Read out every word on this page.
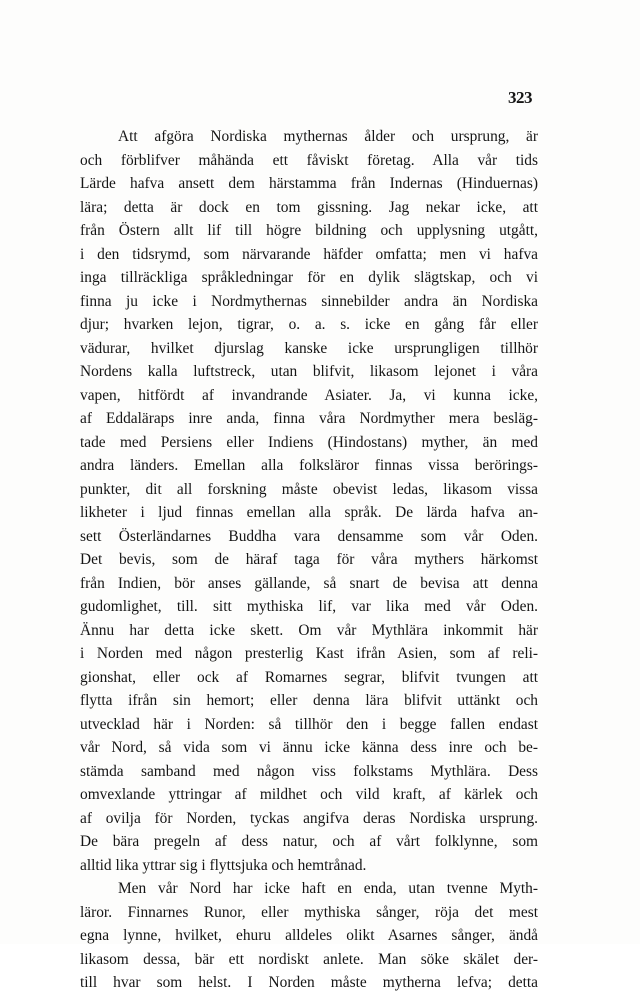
323
Att afgöra Nordiska mythernas ålder och ursprung, är
och förblifver måhända ett fåviskt företag. Alla vår tids
Lärde hafva ansett dem härstamma från Indernas (Hinduernas)
lära; detta är dock en tom gissning. Jag nekar icke, att
från Östern allt lif till högre bildning och upplysning utgått,
i den tidsrymd, som närvarande häfder omfatta; men vi hafva
inga tillräckliga språkledningar för en dylik slägtskap, och vi
finna ju icke i Nordmythernas sinnebilder andra än Nordiska
djur; hvarken lejon, tigrar, o. a. s. icke en gång får eller
vädurar, hvilket djurslag kanske icke ursprungligen tillhör
Nordens kalla luftstreck, utan blifvit, likasom lejonet i våra
vapen, hitfördt af invandrande Asiater. Ja, vi kunna icke,
af Eddaläraps inre anda, finna våra Nordmyther mera besläg-
tade med Persiens eller Indiens (Hindostans) myther, än med
andra länders. Emellan alla folksläror finnas vissa berörings-
punkter, dit all forskning måste obevist ledas, likasom vissa
likheter i ljud finnas emellan alla språk. De lärda hafva an-
sett Österländarnes Buddha vara densamme som vår Oden.
Det bevis, som de häraf taga för våra mythers härkomst
från Indien, bör anses gällande, så snart de bevisa att denna
gudomlighet, till. sitt mythiska lif, var lika med vår Oden.
Ännu har detta icke skett. Om vår Mythlära inkommit här
i Norden med någon presterlig Kast ifrån Asien, som af reli-
gionshat, eller ock af Romarnes segrar, blifvit tvungen att
flytta ifrån sin hemort; eller denna lära blifvit uttänkt och
utvecklad här i Norden: så tillhör den i begge fallen endast
vår Nord, så vida som vi ännu icke känna dess inre och be-
stämda samband med någon viss folkstams Mythlära. Dess
omvexlande yttringar af mildhet och vild kraft, af kärlek och
af ovilja för Norden, tyckas angifva deras Nordiska ursprung.
De bära pregeln af dess natur, och af vårt folklynne, som
alltid lika yttrar sig i flyttsjuka och hemtrånad.
Men vår Nord har icke haft en enda, utan tvenne Myth-
läror. Finnarnes Runor, eller mythiska sånger, röja det mest
egna lynne, hvilket, ehuru alldeles olikt Asarnes sånger, ändå
likasom dessa, bär ett nordiskt anlete. Man söke skälet der-
till hvar som helst. I Norden måste mytherna lefva; detta
